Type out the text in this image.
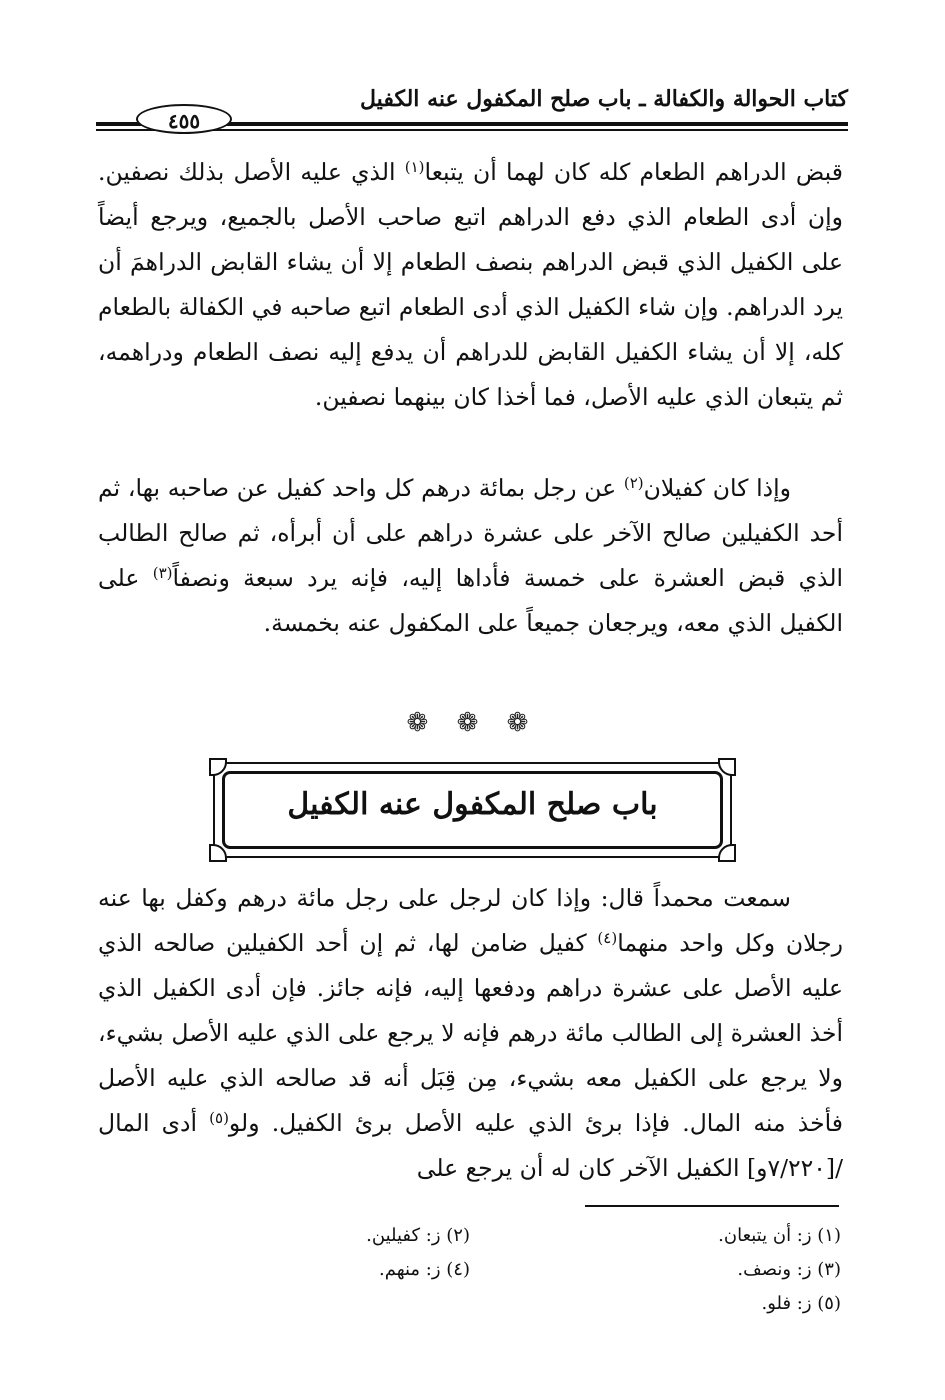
كتاب الحوالة والكفالة ـ باب صلح المكفول عنه الكفيل
٤٥٥

قبض الدراهم الطعام كله كان لهما أن يتبعا$^{(١)}$ الذي عليه الأصل بذلك نصفين. وإن أدى الطعام الذي دفع الدراهم اتبع صاحب الأصل بالجميع، ويرجع أيضاً على الكفيل الذي قبض الدراهم بنصف الطعام إلا أن يشاء القابض الدراهمَ أن يرد الدراهم. وإن شاء الكفيل الذي أدى الطعام اتبع صاحبه في الكفالة بالطعام كله، إلا أن يشاء الكفيل القابض للدراهم أن يدفع إليه نصف الطعام ودراهمه، ثم يتبعان الذي عليه الأصل، فما أخذا كان بينهما نصفين.

وإذا كان كفيلان$^{(٢)}$ عن رجل بمائة درهم كل واحد كفيل عن صاحبه بها، ثم أحد الكفيلين صالح الآخر على عشرة دراهم على أن أبرأه، ثم صالح الطالب الذي قبض العشرة على خمسة فأداها إليه، فإنه يرد سبعة ونصفاً$^{(٣)}$ على الكفيل الذي معه، ويرجعان جميعاً على المكفول عنه بخمسة.

❁ ❁ ❁
باب صلح المكفول عنه الكفيل

سمعت محمداً قال: وإذا كان لرجل على رجل مائة درهم وكفل بها عنه رجلان وكل واحد منهما$^{(٤)}$ كفيل ضامن لها، ثم إن أحد الكفيلين صالحه الذي عليه الأصل على عشرة دراهم ودفعها إليه، فإنه جائز. فإن أدى الكفيل الذي أخذ العشرة إلى الطالب مائة درهم فإنه لا يرجع على الذي عليه الأصل بشيء، ولا يرجع على الكفيل معه بشيء، مِن قِبَل أنه قد صالحه الذي عليه الأصل فأخذ منه المال. فإذا برئ الذي عليه الأصل برئ الكفيل. ولو$^{(٥)}$ أدى المال /[٧/٢٢٠و] الكفيل الآخر كان له أن يرجع على

(١) ز: أن يتبعان.
(٢) ز: كفيلين.
(٣) ز: ونصف.
(٤) ز: منهم.
(٥) ز: فلو.
